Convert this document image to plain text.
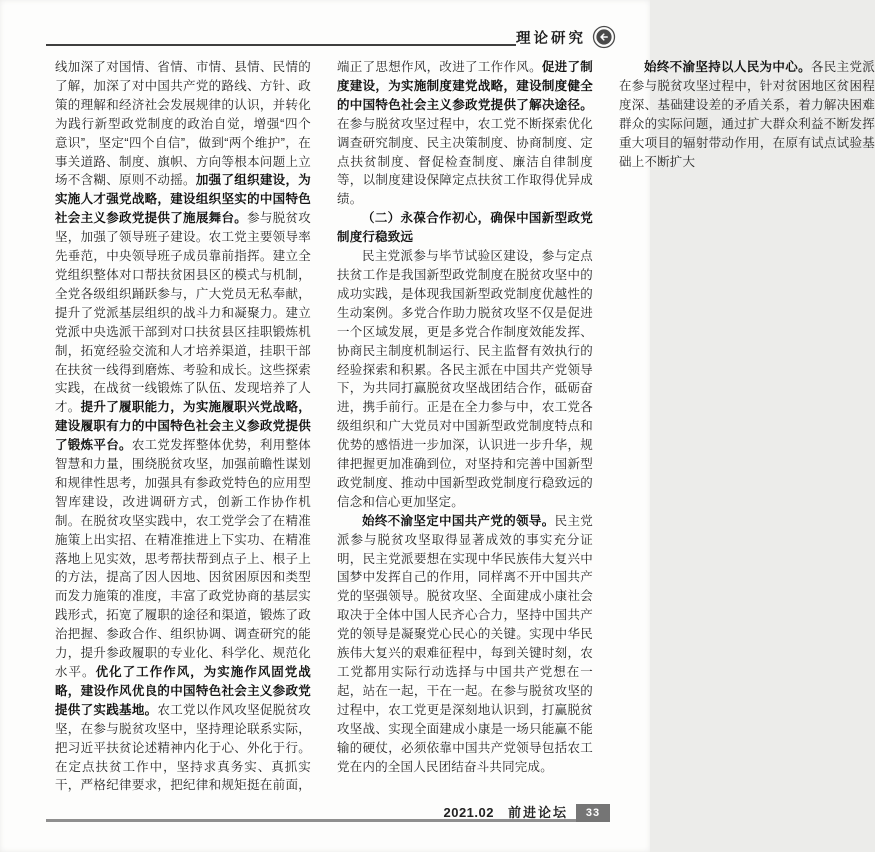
理论研究

线加深了对国情、省情、市情、县情、民情的了解，加深了对中国共产党的路线、方针、政策的理解和经济社会发展规律的认识，并转化为践行新型政党制度的政治自觉，增强“四个意识”，坚定“四个自信”，做到“两个维护”，在事关道路、制度、旗帜、方向等根本问题上立场不含糊、原则不动摇。加强了组织建设，为实施人才强党战略，建设组织坚实的中国特色社会主义参政党提供了施展舞台。参与脱贫攻坚，加强了领导班子建设。农工党主要领导率先垂范，中央领导班子成员靠前指挥。建立全党组织整体对口帮扶贫困县区的模式与机制，全党各级组织踊跃参与，广大党员无私奉献，提升了党派基层组织的战斗力和凝聚力。建立党派中央选派干部到对口扶贫县区挂职锻炼机制，拓宽经验交流和人才培养渠道，挂职干部在扶贫一线得到磨炼、考验和成长。这些探索实践，在战贫一线锻炼了队伍、发现培养了人才。提升了履职能力，为实施履职兴党战略，建设履职有力的中国特色社会主义参政党提供了锻炼平台。农工党发挥整体优势，利用整体智慧和力量，围绕脱贫攻坚，加强前瞻性谋划和规律性思考，加强具有参政党特色的应用型智库建设，改进调研方式，创新工作协作机制。在脱贫攻坚实践中，农工党学会了在精准施策上出实招、在精准推进上下实功、在精准落地上见实效，思考帮扶帮到点子上、根子上的方法，提高了因人因地、因贫困原因和类型而发力施策的准度，丰富了政党协商的基层实践形式，拓宽了履职的途径和渠道，锻炼了政治把握、参政合作、组织协调、调查研究的能力，提升参政履职的专业化、科学化、规范化水平。优化了工作作风，为实施作风固党战略，建设作风优良的中国特色社会主义参政党提供了实践基地。农工党以作风攻坚促脱贫攻坚，在参与脱贫攻坚中，坚持理论联系实际，把习近平扶贫论述精神内化于心、外化于行。在定点扶贫工作中，坚持求真务实、真抓实干，严格纪律要求，把纪律和规矩挺在前面，端正了思想作风，改进了工作作风。促进了制度建设，为实施制度建党战略，建设制度健全的中国特色社会主义参政党提供了解决途径。在参与脱贫攻坚过程中，农工党不断探索优化调查研究制度、民主决策制度、协商制度、定点扶贫制度、督促检查制度、廉洁自律制度等，以制度建设保障定点扶贫工作取得优异成绩。

（二）永葆合作初心，确保中国新型政党制度行稳致远

民主党派参与毕节试验区建设，参与定点扶贫工作是我国新型政党制度在脱贫攻坚中的成功实践，是体现我国新型政党制度优越性的生动案例。多党合作助力脱贫攻坚不仅是促进一个区域发展，更是多党合作制度效能发挥、协商民主制度机制运行、民主监督有效执行的经验探索和积累。各民主派在中国共产党领导下，为共同打赢脱贫攻坚战团结合作，砥砺奋进，携手前行。正是在全力参与中，农工党各级组织和广大党员对中国新型政党制度特点和优势的感悟进一步加深，认识进一步升华，规律把握更加准确到位，对坚持和完善中国新型政党制度、推动中国新型政党制度行稳致远的信念和信心更加坚定。

始终不渝坚定中国共产党的领导。民主党派参与脱贫攻坚取得显著成效的事实充分证明，民主党派要想在实现中华民族伟大复兴中国梦中发挥自己的作用，同样离不开中国共产党的坚强领导。脱贫攻坚、全面建成小康社会取决于全体中国人民齐心合力，坚持中国共产党的领导是凝聚党心民心的关键。实现中华民族伟大复兴的艰难征程中，每到关键时刻，农工党都用实际行动选择与中国共产党想在一起，站在一起，干在一起。在参与脱贫攻坚的过程中，农工党更是深刻地认识到，打赢脱贫攻坚战、实现全面建成小康是一场只能赢不能输的硬仗，必须依靠中国共产党领导包括农工党在内的全国人民团结奋斗共同完成。

始终不渝坚持以人民为中心。各民主党派在参与脱贫攻坚过程中，针对贫困地区贫困程度深、基础建设差的矛盾关系，着力解决困难群众的实际问题，通过扩大群众利益不断发挥重大项目的辐射带动作用，在原有试点试验基础上不断扩大

2021.02 前进论坛	33
